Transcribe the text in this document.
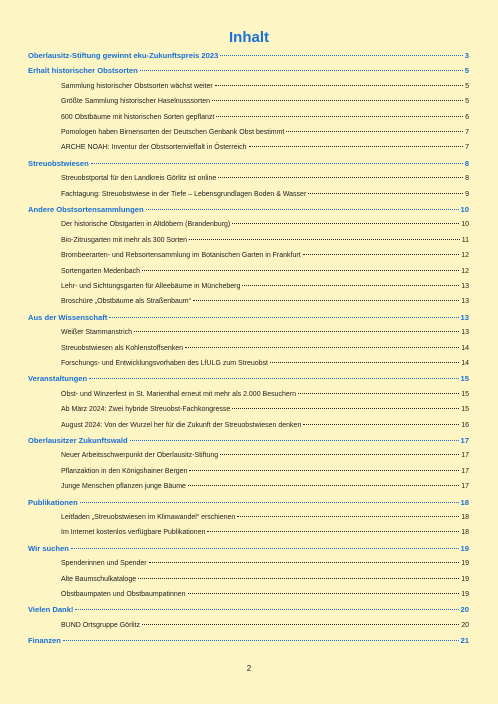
Inhalt
Oberlausitz-Stiftung gewinnt eku-Zukunftspreis 2023	3
Erhalt historischer Obstsorten	5
Sammlung historischer Obstsorten wächst weiter	5
Größte Sammlung historischer Haselnusssorten	5
600 Obstbäume mit historischen Sorten gepflanzt	6
Pomologen haben Birnensorten der Deutschen Genbank Obst bestimmt	7
ARCHE NOAH: Inventur der Obstsortenvielfalt in Österreich	7
Streuobstwiesen	8
Streuobstportal für den Landkreis Görlitz ist online	8
Fachtagung: Streuobstwiese in der Tiefe – Lebensgrundlagen Boden & Wasser	9
Andere Obstsortensammlungen	10
Der historische Obstgarten in Altdöbern (Brandenburg)	10
Bio-Zitrusgarten mit mehr als 300 Sorten	11
Brombeerarten- und Rebsortensammlung im Botanischen Garten in Frankfurt	12
Sortengarten Medenbach	12
Lehr- und Sichtungsgarten für Alleebäume in Müncheberg	13
Broschüre „Obstbäume als Straßenbaum“	13
Aus der Wissenschaft	13
Weißer Stammanstrich	13
Streuobstwiesen als Kohlenstoffsenken	14
Forschungs- und Entwicklungsvorhaben des LfULG zum Streuobst	14
Veranstaltungen	15
Obst- und Winzerfest in St. Marienthal erneut mit mehr als 2.000 Besuchern	15
Ab März 2024: Zwei hybride Streuobst-Fachkongresse	15
August 2024: Von der Wurzel her für die Zukunft der Streuobstwiesen denken	16
Oberlausitzer Zukunftswald	17
Neuer Arbeitsschwerpunkt der Oberlausitz-Stiftung	17
Pflanzaktion in den Königshainer Bergen	17
Junge Menschen pflanzen junge Bäume	17
Publikationen	18
Leitfaden „Streuobstwiesen im Klimawandel“ erschienen	18
Im Internet kostenlos verfügbare Publikationen	18
Wir suchen	19
Spenderinnen und Spender	19
Alte Baumschulkataloge	19
Obstbaumpaten und Obstbaumpatinnen	19
Vielen Dank!	20
BUND Ortsgruppe Görlitz	20
Finanzen	21
2
